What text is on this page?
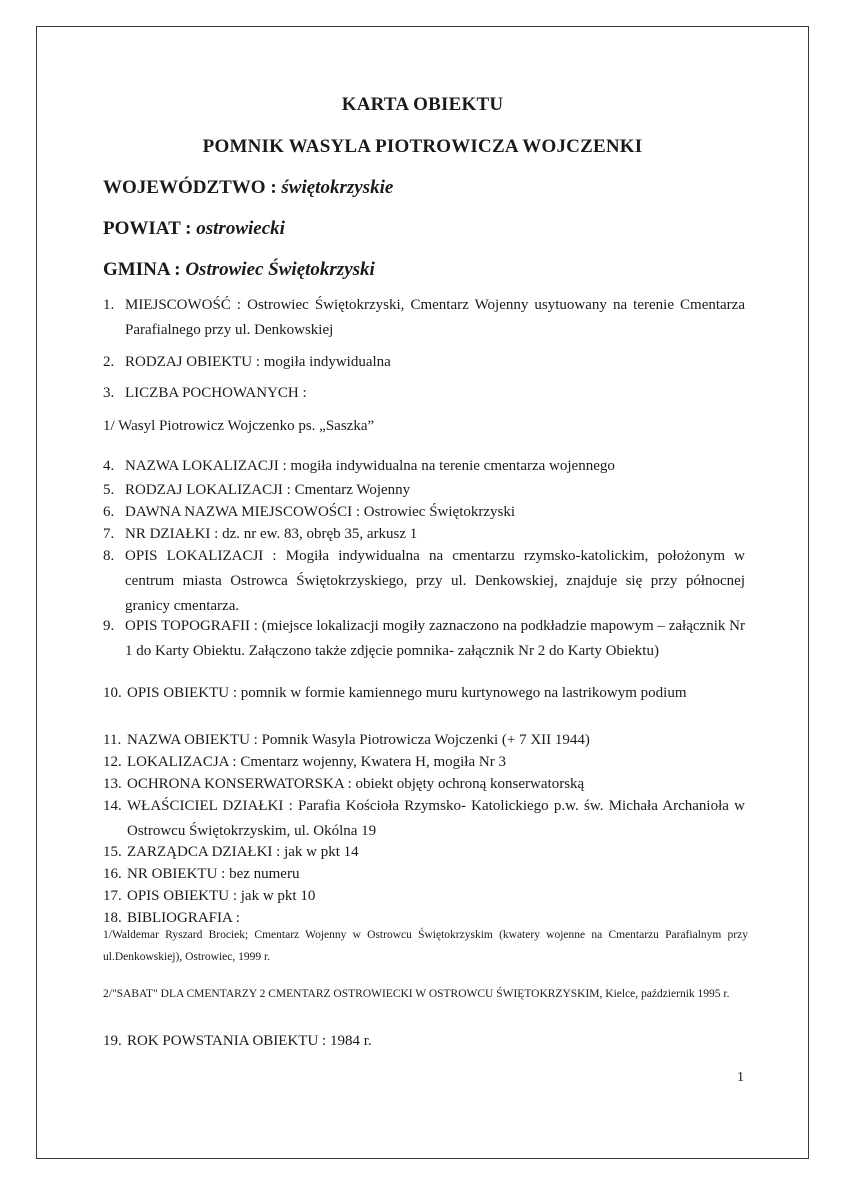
KARTA OBIEKTU
POMNIK WASYLA PIOTROWICZA WOJCZENKI
WOJEWÓDZTWO : świętokrzyskie
POWIAT : ostrowiecki
GMINA : Ostrowiec Świętokrzyski
1. MIEJSCOWOŚĆ : Ostrowiec Świętokrzyski, Cmentarz Wojenny usytuowany na terenie Cmentarza Parafialnego przy ul. Denkowskiej
2. RODZAJ OBIEKTU : mogiła indywidualna
3. LICZBA POCHOWANYCH :
1/ Wasyl Piotrowicz Wojczenko ps. „Saszka”
4. NAZWA LOKALIZACJI : mogiła indywidualna na terenie cmentarza wojennego
5. RODZAJ LOKALIZACJI : Cmentarz Wojenny
6. DAWNA NAZWA MIEJSCOWOŚCI : Ostrowiec Świętokrzyski
7. NR DZIAŁKI : dz. nr ew. 83, obręb 35, arkusz 1
8. OPIS LOKALIZACJI : Mogiła indywidualna na cmentarzu rzymsko-katolickim, położonym w centrum miasta Ostrowca Świętokrzyskiego, przy ul. Denkowskiej, znajduje się przy północnej granicy cmentarza.
9. OPIS TOPOGRAFII : (miejsce lokalizacji mogiły zaznaczono na podkładzie mapowym – załącznik Nr 1 do Karty Obiektu. Załączono także zdjęcie pomnika- załącznik Nr 2 do Karty Obiektu)
10. OPIS OBIEKTU : pomnik w formie kamiennego muru kurtynowego na lastrikowym podium
11. NAZWA OBIEKTU : Pomnik Wasyla Piotrowicza Wojczenki (+ 7 XII 1944)
12. LOKALIZACJA : Cmentarz wojenny, Kwatera H, mogiła Nr 3
13. OCHRONA KONSERWATORSKA : obiekt objęty ochroną konserwatorską
14. WŁAŚCICIEL DZIAŁKI : Parafia Kościoła Rzymsko- Katolickiego p.w. św. Michała Archanioła w Ostrowcu Świętokrzyskim, ul. Okólna 19
15. ZARZĄDCA DZIAŁKI : jak w pkt 14
16. NR OBIEKTU : bez numeru
17. OPIS OBIEKTU : jak w pkt 10
18. BIBLIOGRAFIA :
1/Waldemar Ryszard Brociek; Cmentarz Wojenny w Ostrowcu Świętokrzyskim (kwatery wojenne na Cmentarzu Parafialnym przy ul.Denkowskiej), Ostrowiec, 1999 r.
2/"SABAT" DLA CMENTARZY 2 CMENTARZ OSTROWIECKI W OSTROWCU ŚWIĘTOKRZYSKIM, Kielce, październik 1995 r.
19. ROK POWSTANIA OBIEKTU : 1984 r.
1
